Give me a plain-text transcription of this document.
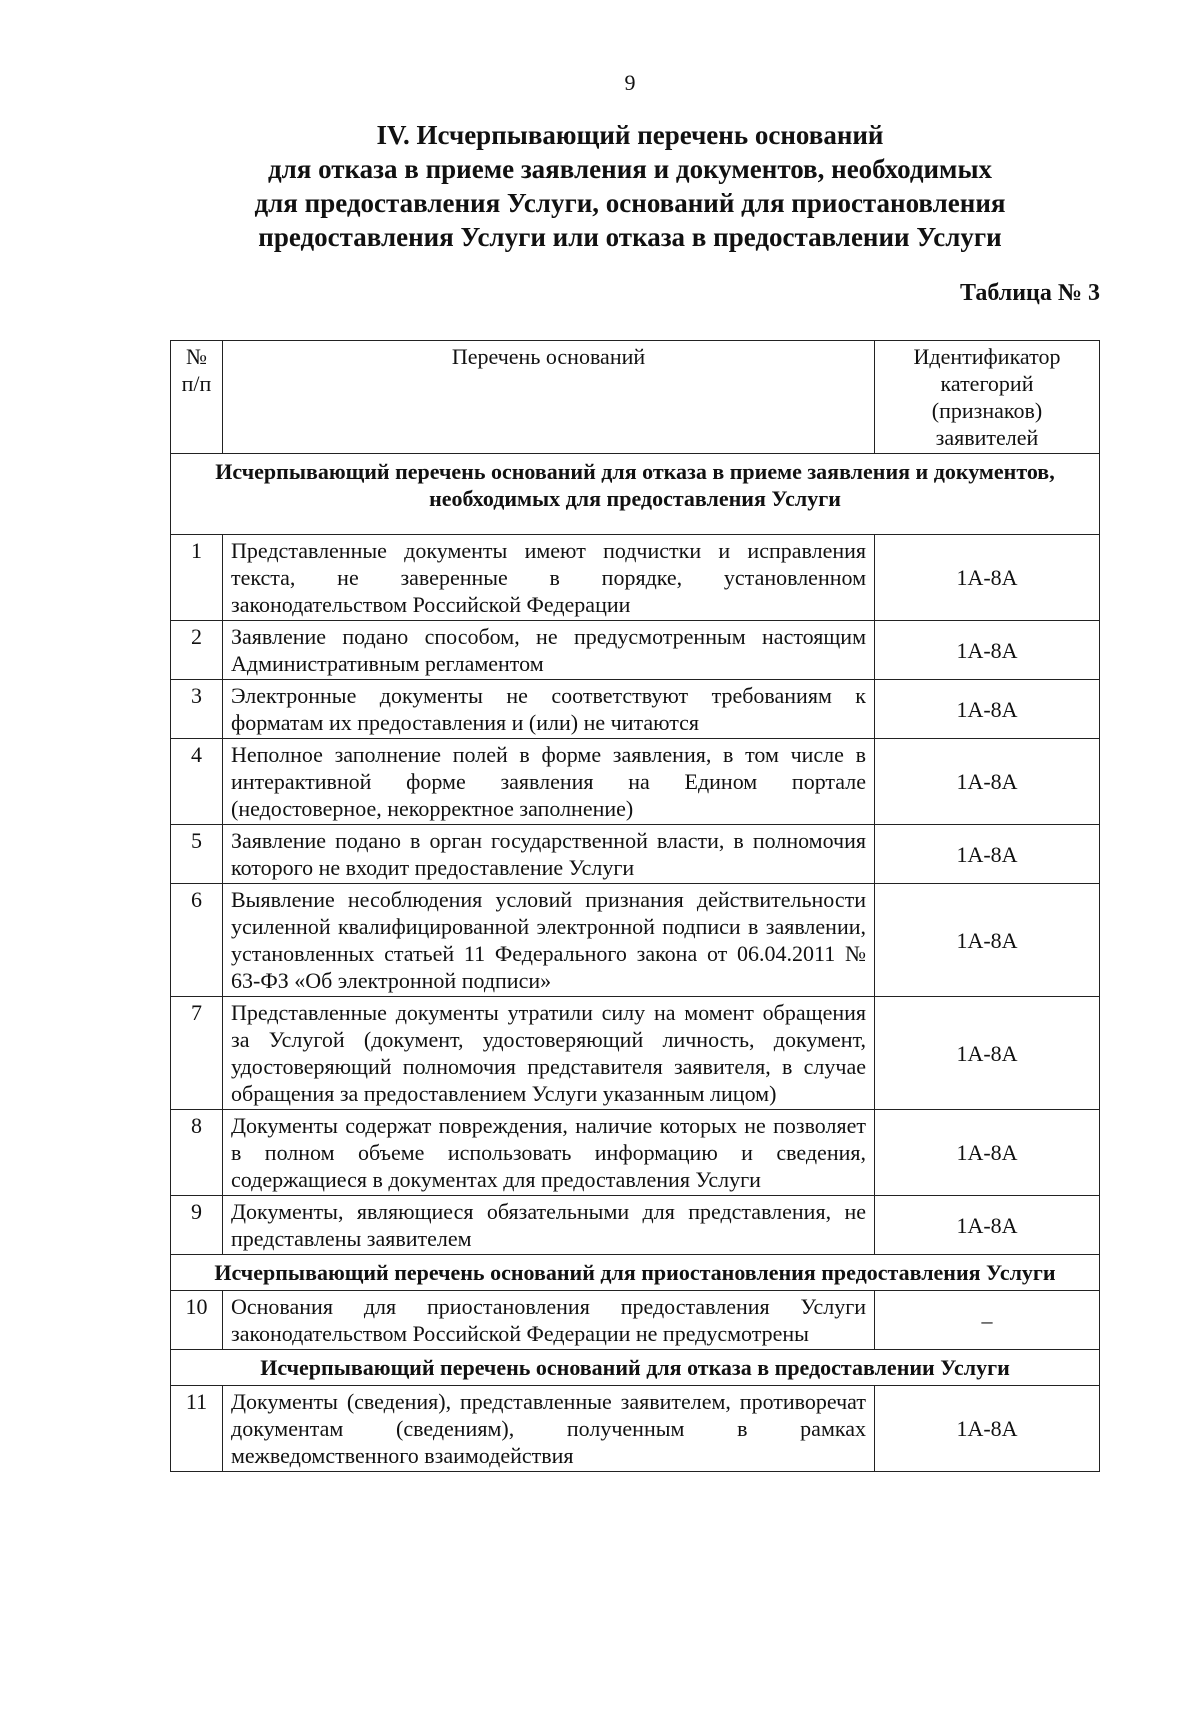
9
IV. Исчерпывающий перечень оснований
для отказа в приеме заявления и документов, необходимых
для предоставления Услуги, оснований для приостановления
предоставления Услуги или отказа в предоставлении Услуги
Таблица № 3
№ п/п	Перечень оснований	Идентификатор категорий (признаков) заявителей
Исчерпывающий перечень оснований для отказа в приеме заявления и документов, необходимых для предоставления Услуги		
1	Представленные документы имеют подчистки и исправления текста, не заверенные в порядке, установленном законодательством Российской Федерации	1А-8А
2	Заявление подано способом, не предусмотренным настоящим Административным регламентом	1А-8А
3	Электронные документы не соответствуют требованиям к форматам их предоставления и (или) не читаются	1А-8А
4	Неполное заполнение полей в форме заявления, в том числе в интерактивной форме заявления на Едином портале (недостоверное, некорректное заполнение)	1А-8А
5	Заявление подано в орган государственной власти, в полномочия которого не входит предоставление Услуги	1А-8А
6	Выявление несоблюдения условий признания действительности усиленной квалифицированной электронной подписи в заявлении, установленных статьей 11 Федерального закона от 06.04.2011 № 63-ФЗ «Об электронной подписи»	1А-8А
7	Представленные документы утратили силу на момент обращения за Услугой (документ, удостоверяющий личность, документ, удостоверяющий полномочия представителя заявителя, в случае обращения за предоставлением Услуги указанным лицом)	1А-8А
8	Документы содержат повреждения, наличие которых не позволяет в полном объеме использовать информацию и сведения, содержащиеся в документах для предоставления Услуги	1А-8А
9	Документы, являющиеся обязательными для представления, не представлены заявителем	1А-8А
Исчерпывающий перечень оснований для приостановления предоставления Услуги		
10	Основания для приостановления предоставления Услуги законодательством Российской Федерации не предусмотрены	–
Исчерпывающий перечень оснований для отказа в предоставлении Услуги		
11	Документы (сведения), представленные заявителем, противоречат документам (сведениям), полученным в рамках межведомственного взаимодействия	1А-8А
